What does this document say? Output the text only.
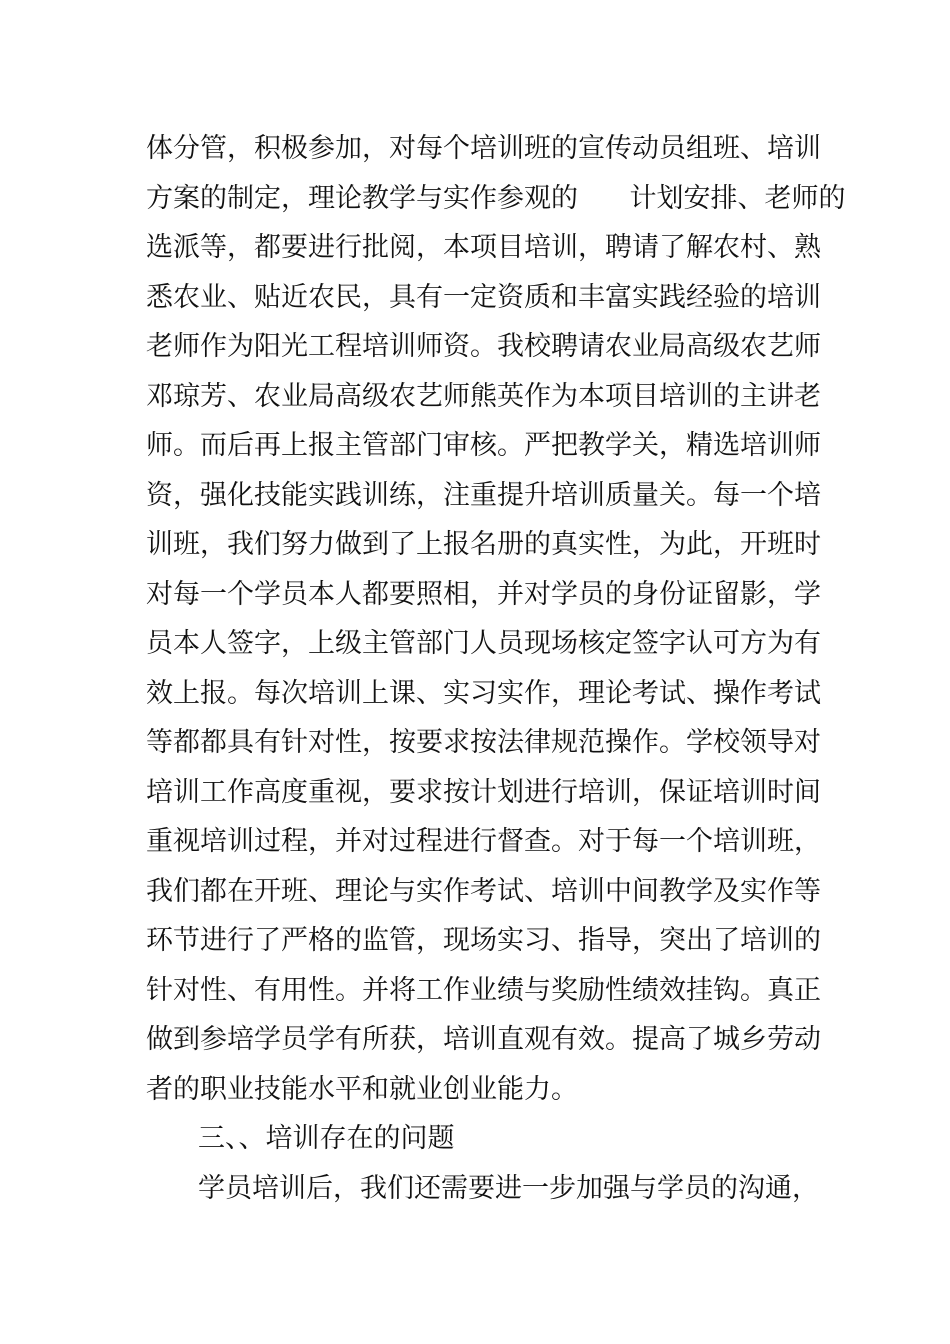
体分管，积极参加，对每个培训班的宣传动员组班、培训
方案的制定，理论教学与实作参观的      计划安排、老师的
选派等，都要进行批阅，本项目培训，聘请了解农村、熟
悉农业、贴近农民，具有一定资质和丰富实践经验的培训
老师作为阳光工程培训师资。我校聘请农业局高级农艺师
邓琼芳、农业局高级农艺师熊英作为本项目培训的主讲老
师。而后再上报主管部门审核。严把教学关，精选培训师
资，强化技能实践训练，注重提升培训质量关。每一个培
训班，我们努力做到了上报名册的真实性，为此，开班时
对每一个学员本人都要照相，并对学员的身份证留影，学
员本人签字，上级主管部门人员现场核定签字认可方为有
效上报。每次培训上课、实习实作，理论考试、操作考试
等都都具有针对性，按要求按法律规范操作。学校领导对
培训工作高度重视，要求按计划进行培训，保证培训时间
重视培训过程，并对过程进行督查。对于每一个培训班，
我们都在开班、理论与实作考试、培训中间教学及实作等
环节进行了严格的监管，现场实习、指导，突出了培训的
针对性、有用性。并将工作业绩与奖励性绩效挂钩。真正
做到参培学员学有所获，培训直观有效。提高了城乡劳动
者的职业技能水平和就业创业能力。
三、、培训存在的问题
学员培训后，我们还需要进一步加强与学员的沟通，
